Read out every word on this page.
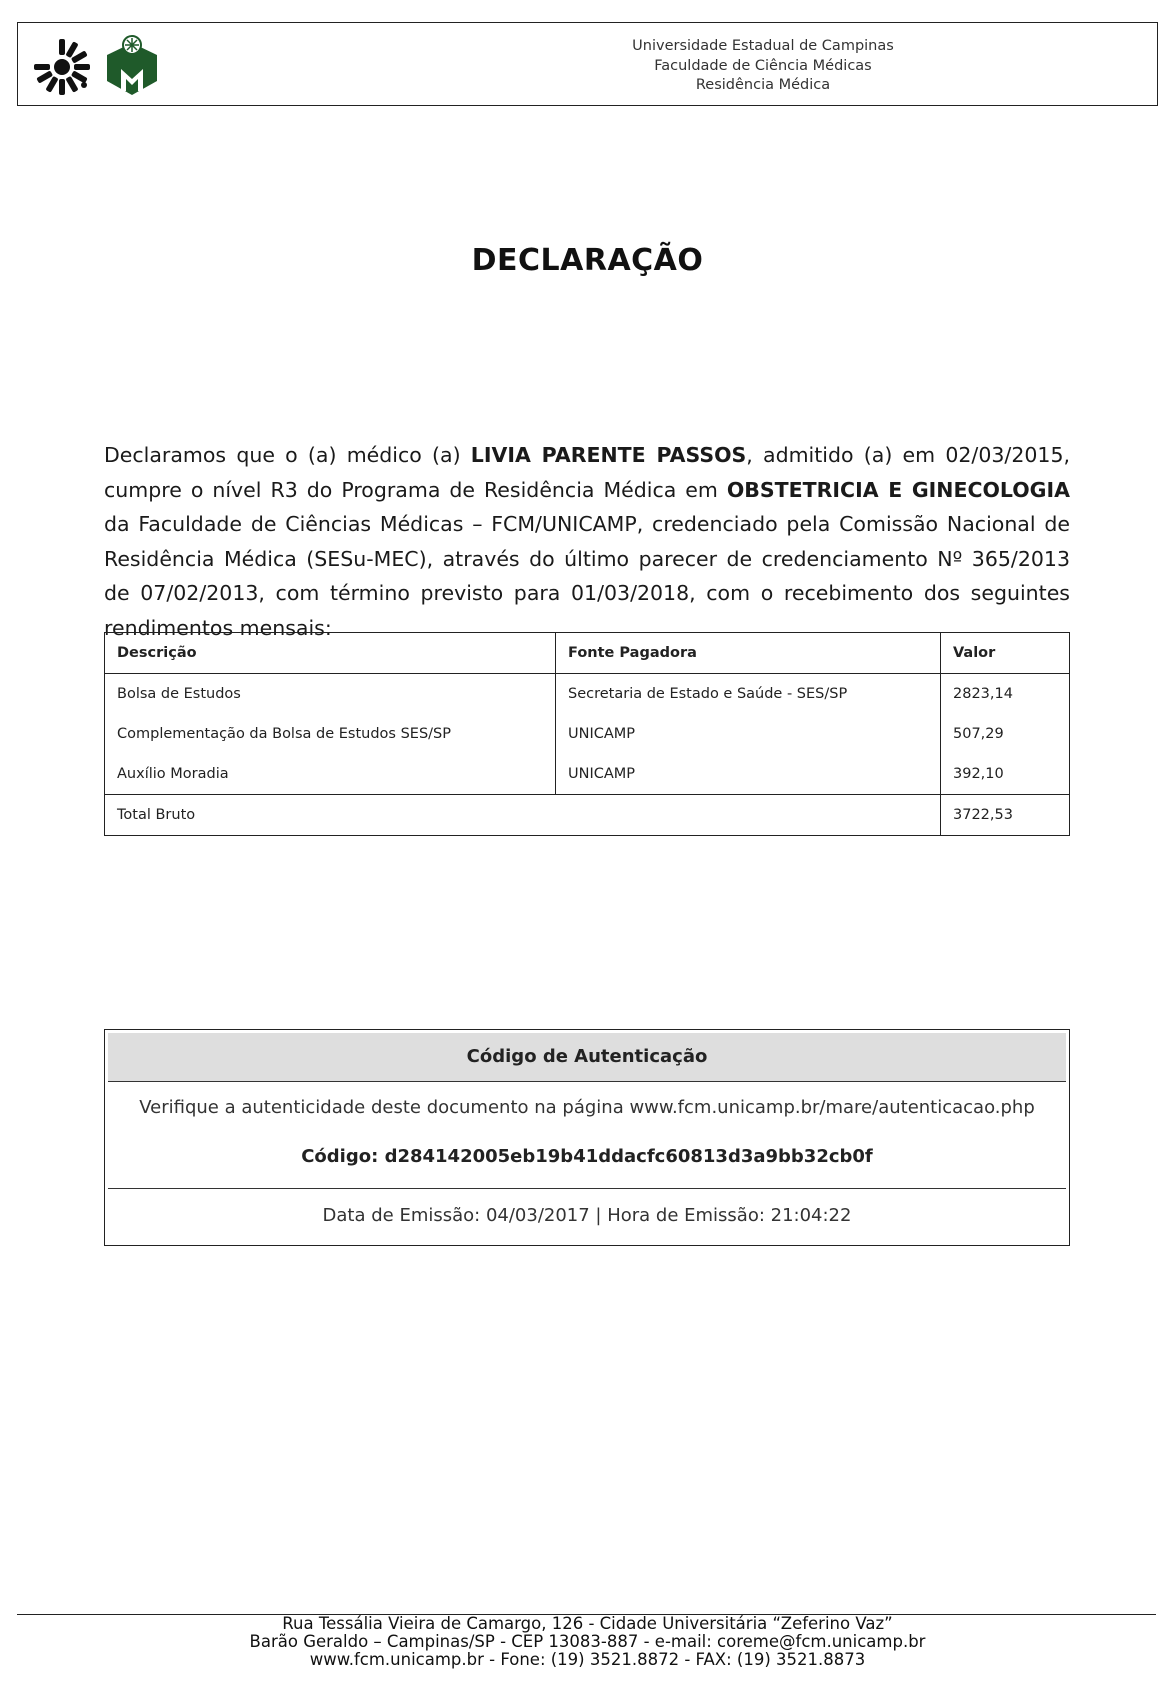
Universidade Estadual de Campinas
Faculdade de Ciência Médicas
Residência Médica
DECLARAÇÃO
Declaramos que o (a) médico (a) LIVIA PARENTE PASSOS, admitido (a) em 02/03/2015, cumpre o nível R3 do Programa de Residência Médica em OBSTETRICIA E GINECOLOGIA da Faculdade de Ciências Médicas – FCM/UNICAMP, credenciado pela Comissão Nacional de Residência Médica (SESu-MEC), através do último parecer de credenciamento Nº 365/2013 de 07/02/2013, com término previsto para 01/03/2018, com o recebimento dos seguintes rendimentos mensais:
Descrição	Fonte Pagadora	Valor
Bolsa de Estudos	Secretaria de Estado e Saúde - SES/SP	2823,14
Complementação da Bolsa de Estudos SES/SP	UNICAMP	507,29
Auxílio Moradia	UNICAMP	392,10
Total Bruto		3722,53
Código de Autenticação
Verifique a autenticidade deste documento na página www.fcm.unicamp.br/mare/autenticacao.php
Código: d284142005eb19b41ddacfc60813d3a9bb32cb0f
Data de Emissão: 04/03/2017 | Hora de Emissão: 21:04:22
Rua Tessália Vieira de Camargo, 126 - Cidade Universitária “Zeferino Vaz”
Barão Geraldo – Campinas/SP - CEP 13083-887 - e-mail: coreme@fcm.unicamp.br
www.fcm.unicamp.br - Fone: (19) 3521.8872 - FAX: (19) 3521.8873
